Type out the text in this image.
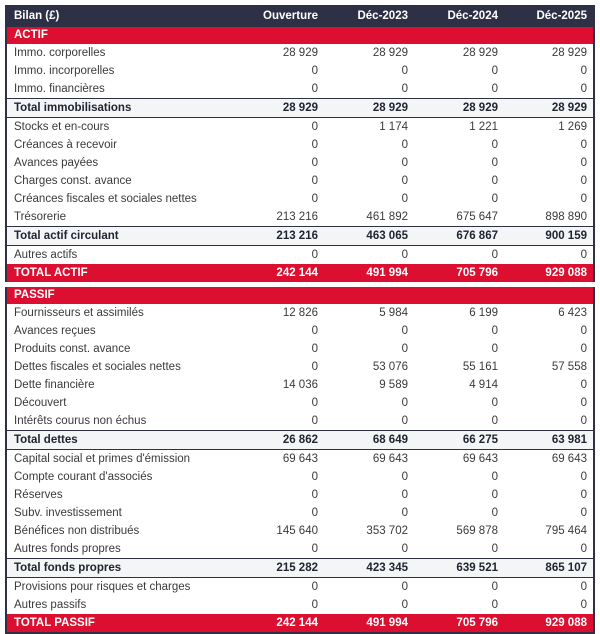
Bilan (£)	Ouverture	Déc-2023	Déc-2024	Déc-2025
ACTIF				
Immo. corporelles	28 929	28 929	28 929	28 929
Immo. incorporelles	0	0	0	0
Immo. financières	0	0	0	0
Total immobilisations	28 929	28 929	28 929	28 929
Stocks et en-cours	0	1 174	1 221	1 269
Créances à recevoir	0	0	0	0
Avances payées	0	0	0	0
Charges const. avance	0	0	0	0
Créances fiscales et sociales nettes	0	0	0	0
Trésorerie	213 216	461 892	675 647	898 890
Total actif circulant	213 216	463 065	676 867	900 159
Autres actifs	0	0	0	0
TOTAL ACTIF	242 144	491 994	705 796	929 088
PASSIF				
Fournisseurs et assimilés	12 826	5 984	6 199	6 423
Avances reçues	0	0	0	0
Produits const. avance	0	0	0	0
Dettes fiscales et sociales nettes	0	53 076	55 161	57 558
Dette financière	14 036	9 589	4 914	0
Découvert	0	0	0	0
Intérêts courus non échus	0	0	0	0
Total dettes	26 862	68 649	66 275	63 981
Capital social et primes d'émission	69 643	69 643	69 643	69 643
Compte courant d'associés	0	0	0	0
Réserves	0	0	0	0
Subv. investissement	0	0	0	0
Bénéfices non distribués	145 640	353 702	569 878	795 464
Autres fonds propres	0	0	0	0
Total fonds propres	215 282	423 345	639 521	865 107
Provisions pour risques et charges	0	0	0	0
Autres passifs	0	0	0	0
TOTAL PASSIF	242 144	491 994	705 796	929 088
